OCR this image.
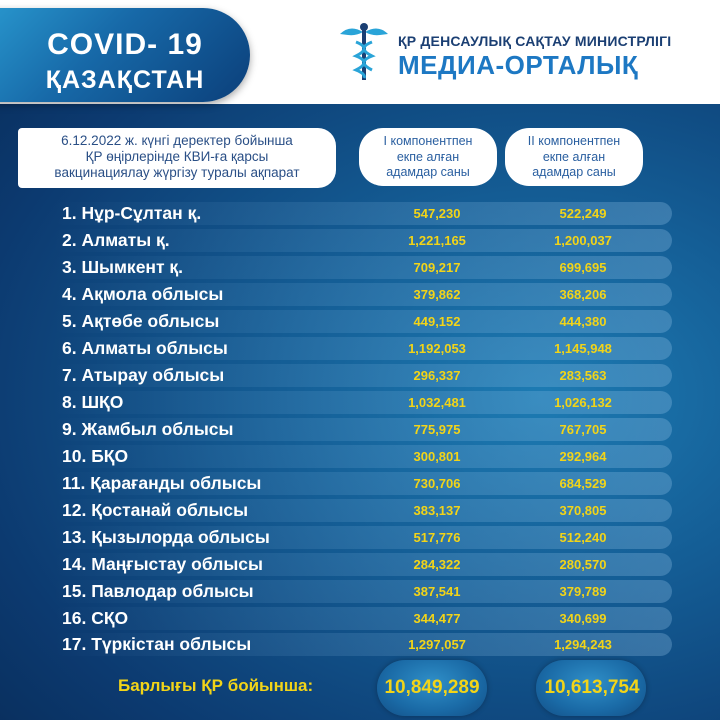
COVID- 19
ҚАЗАҚСТАН
ҚР ДЕНСАУЛЫҚ САҚТАУ МИНИСТРЛІГІ
МЕДИА-ОРТАЛЫҚ
6.12.2022 ж. күнгі деректер бойынша
ҚР өңірлерінде КВИ-ға қарсы
вакцинациялау жүргізу туралы ақпарат
I компонентпен
екпе алған
адамдар саны
II компонентпен
екпе алған
адамдар саны
1. Нұр-Сұлтан қ.	547,230	522,249
2. Алматы қ.	1,221,165	1,200,037
3. Шымкент қ.	709,217	699,695
4. Ақмола облысы	379,862	368,206
5. Ақтөбе облысы	449,152	444,380
6. Алматы облысы	1,192,053	1,145,948
7. Атырау облысы	296,337	283,563
8. ШҚО	1,032,481	1,026,132
9. Жамбыл облысы	775,975	767,705
10. БҚО	300,801	292,964
11. Қарағанды облысы	730,706	684,529
12. Қостанай облысы	383,137	370,805
13. Қызылорда облысы	517,776	512,240
14. Маңғыстау облысы	284,322	280,570
15. Павлодар облысы	387,541	379,789
16. СҚО	344,477	340,699
17. Түркістан облысы	1,297,057	1,294,243
Барлығы ҚР бойынша:	10,849,289	10,613,754
